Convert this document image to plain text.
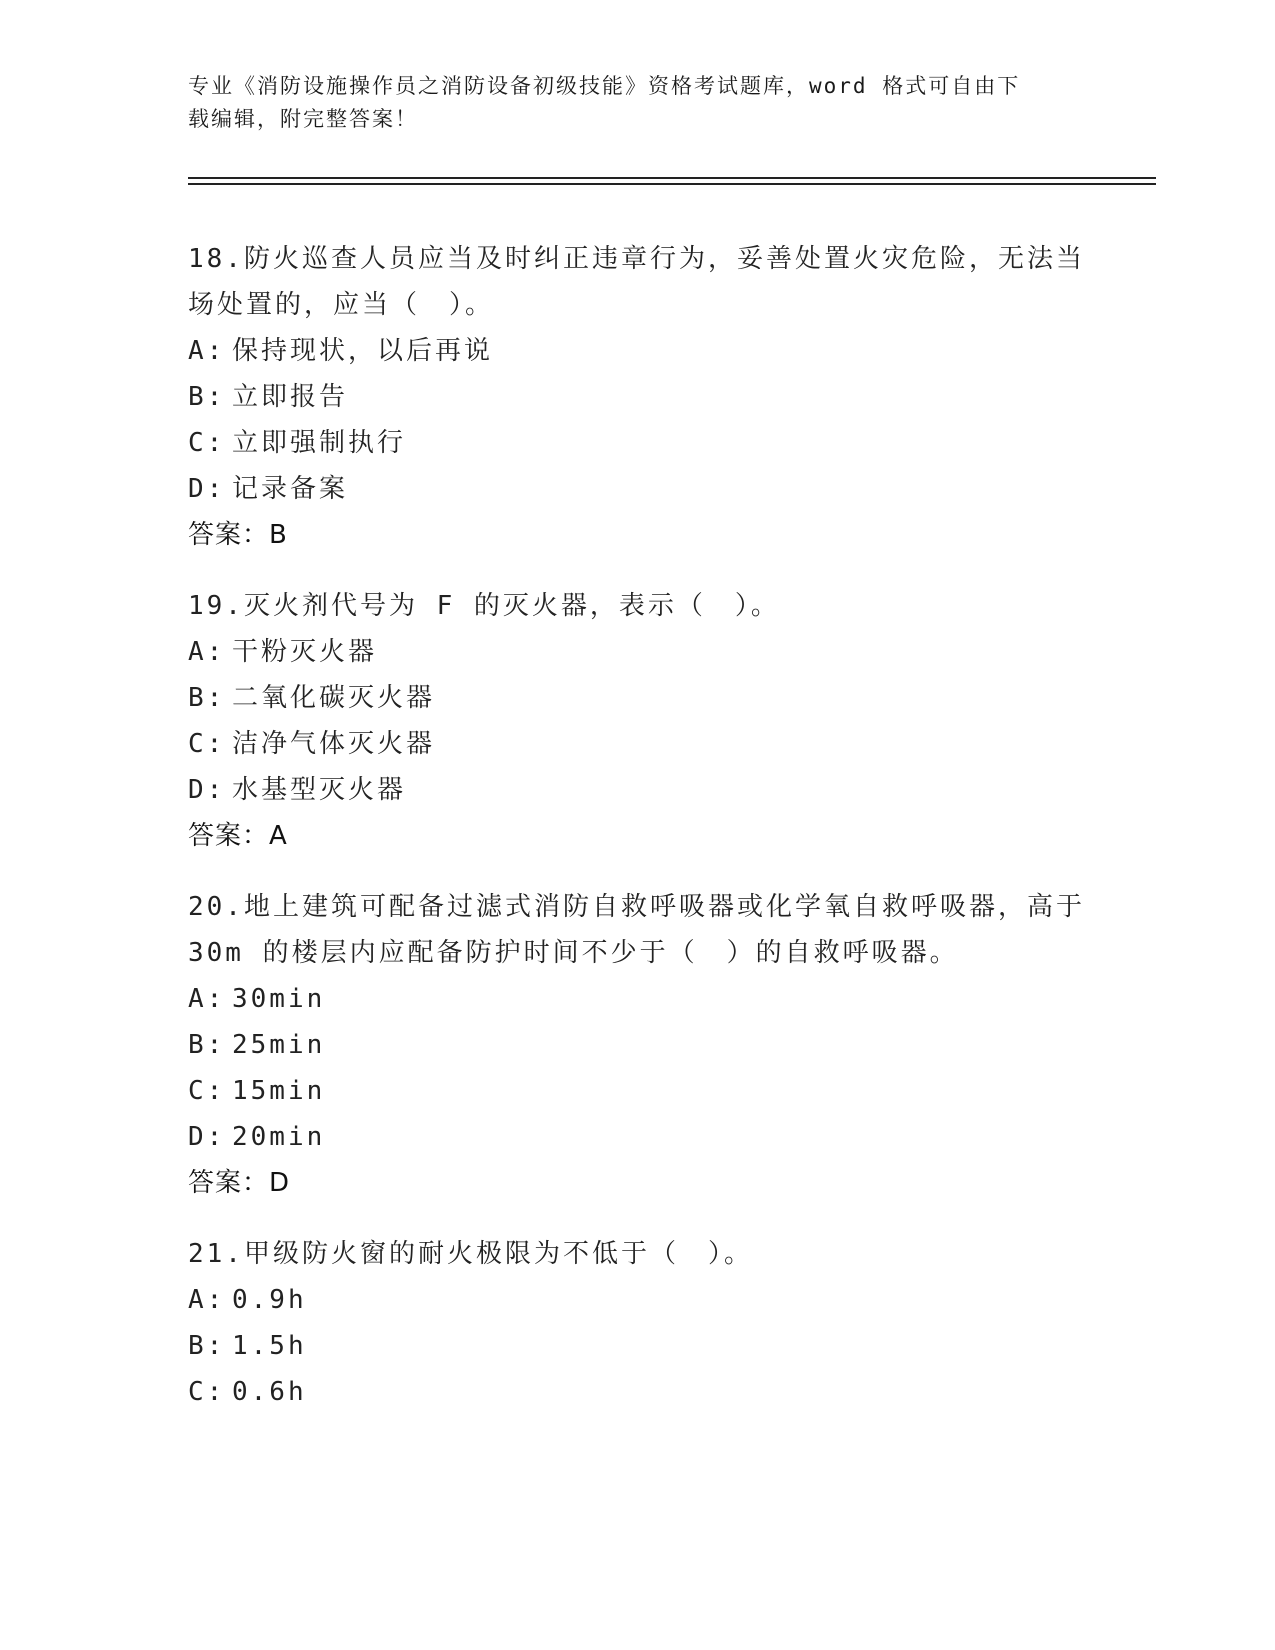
专业《消防设施操作员之消防设备初级技能》资格考试题库，word 格式可自由下
载编辑，附完整答案！
18.防火巡查人员应当及时纠正违章行为，妥善处置火灾危险，无法当
场处置的，应当（　）。
A: 保持现状，以后再说
B: 立即报告
C: 立即强制执行
D: 记录备案
答案：B
19.灭火剂代号为 F 的灭火器，表示（　）。
A: 干粉灭火器
B: 二氧化碳灭火器
C: 洁净气体灭火器
D: 水基型灭火器
答案：A
20.地上建筑可配备过滤式消防自救呼吸器或化学氧自救呼吸器，高于
30m 的楼层内应配备防护时间不少于（　）的自救呼吸器。
A: 30min
B: 25min
C: 15min
D: 20min
答案：D
21.甲级防火窗的耐火极限为不低于（　）。
A: 0.9h
B: 1.5h
C: 0.6h
